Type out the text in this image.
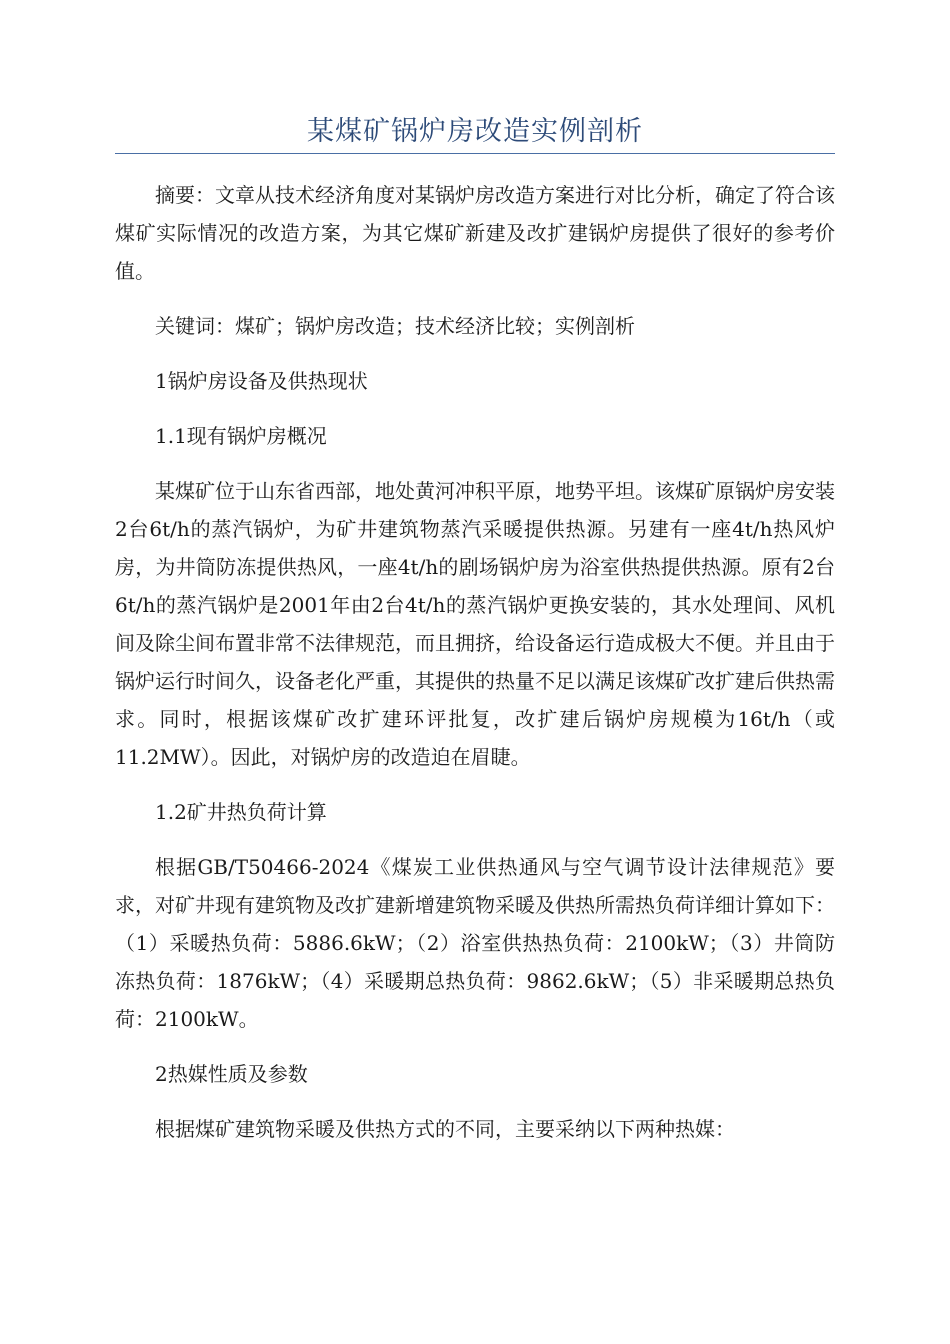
某煤矿锅炉房改造实例剖析

摘要：文章从技术经济角度对某锅炉房改造方案进行对比分析，确定了符合该煤矿实际情况的改造方案，为其它煤矿新建及改扩建锅炉房提供了很好的参考价值。

关键词：煤矿；锅炉房改造；技术经济比较；实例剖析

1锅炉房设备及供热现状

1.1现有锅炉房概况

某煤矿位于山东省西部，地处黄河冲积平原，地势平坦。该煤矿原锅炉房安装2台6t/h的蒸汽锅炉，为矿井建筑物蒸汽采暖提供热源。另建有一座4t/h热风炉房，为井筒防冻提供热风，一座4t/h的剧场锅炉房为浴室供热提供热源。原有2台6t/h的蒸汽锅炉是2001年由2台4t/h的蒸汽锅炉更换安装的，其水处理间、风机间及除尘间布置非常不法律规范，而且拥挤，给设备运行造成极大不便。并且由于锅炉运行时间久，设备老化严重，其提供的热量不足以满足该煤矿改扩建后供热需求。同时，根据该煤矿改扩建环评批复，改扩建后锅炉房规模为16t/h（或11.2MW）。因此，对锅炉房的改造迫在眉睫。

1.2矿井热负荷计算

根据GB/T50466-2024《煤炭工业供热通风与空气调节设计法律规范》要求，对矿井现有建筑物及改扩建新增建筑物采暖及供热所需热负荷详细计算如下：（1）采暖热负荷：5886.6kW；（2）浴室供热热负荷：2100kW；（3）井筒防冻热负荷：1876kW；（4）采暖期总热负荷：9862.6kW；（5）非采暖期总热负荷：2100kW。

2热媒性质及参数

根据煤矿建筑物采暖及供热方式的不同，主要采纳以下两种热媒：
